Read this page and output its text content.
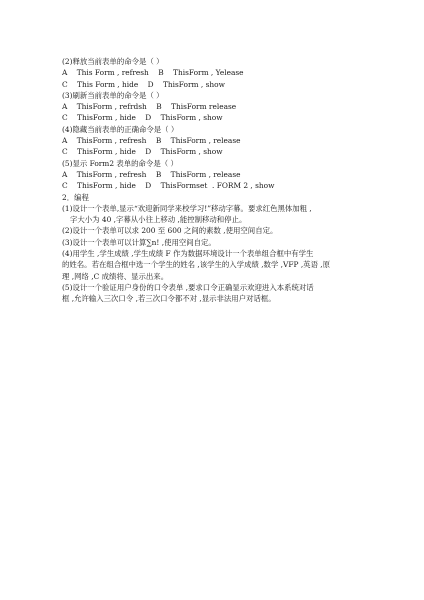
(2)释放当前表单的命令是（ ）
A    This Form , refresh    B    ThisForm , Yelease
C    This Form , hide    D    ThisForm , show
(3)刷新当前表单的命令是（ ）
A    ThisForm , refrdsh    B    ThisForm release
C    ThisForm , hide    D    ThisForm , show
(4)隐藏当前表单的正确命令是（ ）
A    ThisForm , refresh    B    ThisForm , release
C    ThisForm , hide    D    ThisForm , show
(5)显示 Form2 表单的命令是（ ）
A    ThisForm , refresh    B    ThisForm , release
C    ThisForm , hide    D    ThisFormset  . FORM 2 , show
2．编程
(1)设计一个表单,显示“欢迎新同学来校学习!”移动字幕。要求红色黑体加粗 ,
字大小为 40 ,字幕从小往上移动 ,能控制移动和停止。
(2)设计一个表单可以求 200 至 600 之间的素数 ,使用空间自定。
(3)设计一个表单可以计算∑n! ,使用空间自定。
(4)用学生 ,学生成绩 ,学生成绩 F 作为数据环境设计一个表单组合框中有学生
的姓名。若在组合框中选一个学生的姓名 ,该学生的入学成绩 ,数学 ,VFP ,英语 ,原
理 ,网络 ,C 成绩将、显示出来。
(5)设计一个验证用户身份的口令表单 ,要求口令正确显示欢迎进入本系统对话
框 ,允许输入三次口令 ,若三次口令都不对 ,显示非法用户对话框。
